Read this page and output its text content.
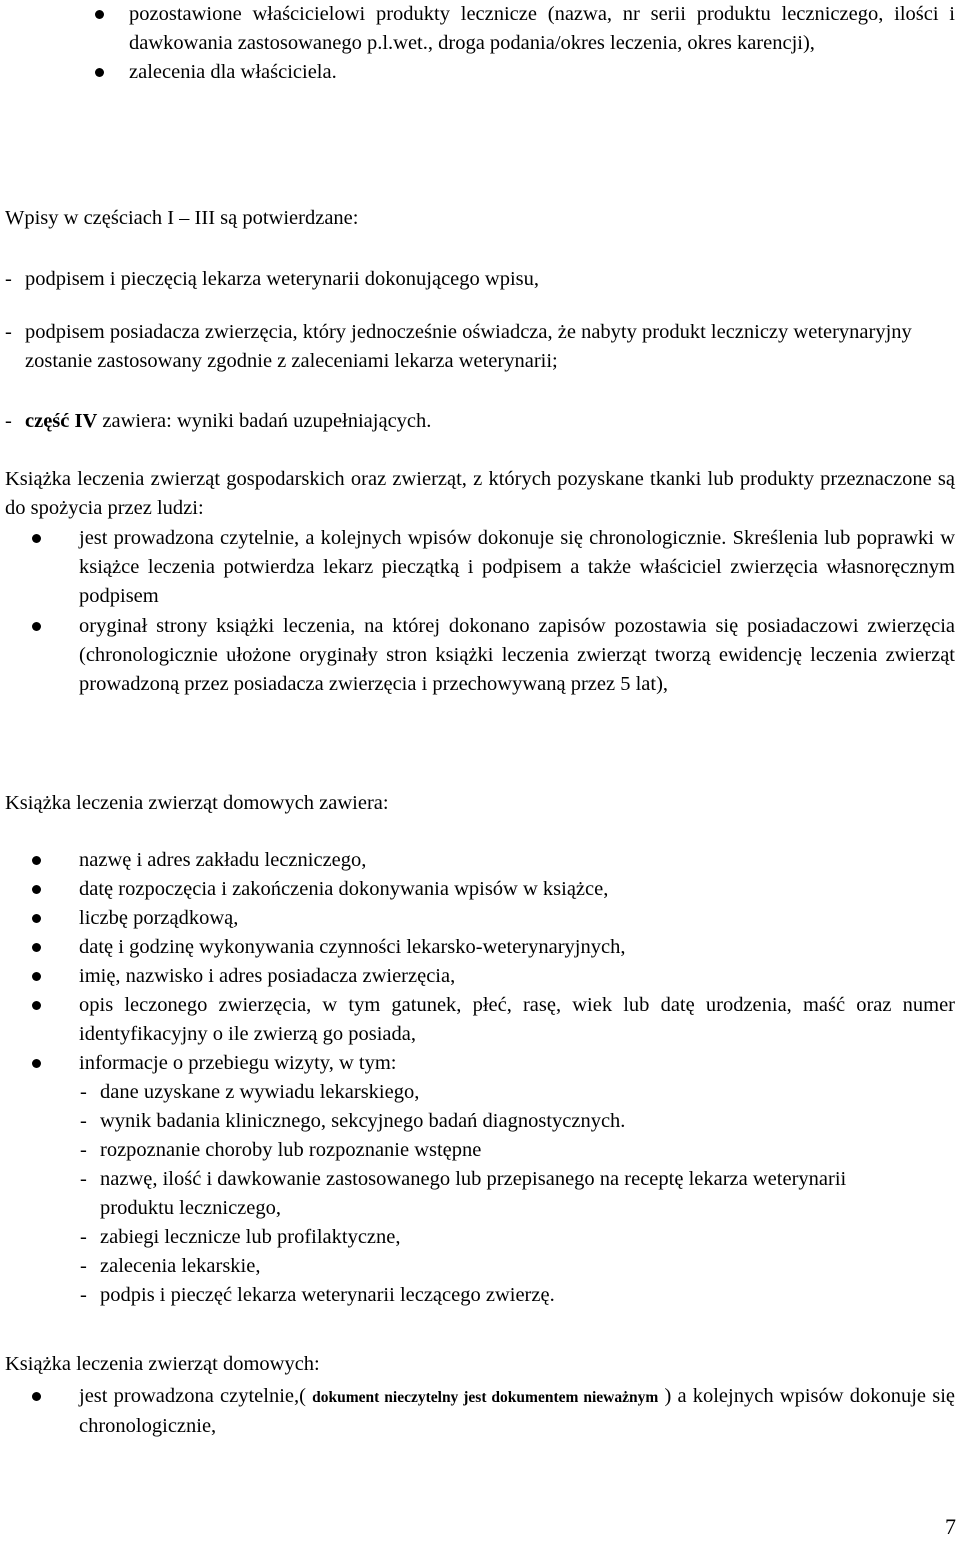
pozostawione właścicielowi produkty lecznicze (nazwa, nr serii produktu leczniczego, ilości i dawkowania zastosowanego p.l.wet., droga podania/okres leczenia, okres karencji),
zalecenia dla właściciela.
Wpisy w częściach I – III są potwierdzane:
- podpisem i pieczęcią lekarza weterynarii dokonującego wpisu,
- podpisem posiadacza zwierzęcia, który jednocześnie oświadcza, że nabyty produkt leczniczy weterynaryjny zostanie zastosowany zgodnie z zaleceniami lekarza weterynarii;
- część IV zawiera: wyniki badań uzupełniających.
Książka leczenia zwierząt gospodarskich oraz zwierząt, z których pozyskane tkanki lub produkty przeznaczone są do spożycia przez ludzi:
jest prowadzona czytelnie, a kolejnych wpisów dokonuje się chronologicznie. Skreślenia lub poprawki w książce leczenia potwierdza lekarz pieczątką i podpisem a także właściciel zwierzęcia własnoręcznym podpisem
oryginał strony książki leczenia, na której dokonano zapisów pozostawia się posiadaczowi zwierzęcia (chronologicznie ułożone oryginały stron książki leczenia zwierząt tworzą ewidencję leczenia zwierząt prowadzoną przez posiadacza zwierzęcia i przechowywaną przez 5 lat),
Książka leczenia zwierząt domowych zawiera:
nazwę i adres zakładu leczniczego,
datę rozpoczęcia i zakończenia dokonywania wpisów w książce,
liczbę porządkową,
datę i godzinę wykonywania czynności lekarsko-weterynaryjnych,
imię, nazwisko i adres posiadacza zwierzęcia,
opis leczonego zwierzęcia, w tym gatunek, płeć, rasę, wiek lub datę urodzenia, maść oraz numer identyfikacyjny o ile zwierzą go posiada,
informacje o przebiegu wizyty, w tym:
- dane uzyskane z wywiadu lekarskiego,
- wynik badania klinicznego, sekcyjnego badań diagnostycznych.
- rozpoznanie choroby lub rozpoznanie wstępne
- nazwę, ilość i dawkowanie zastosowanego lub przepisanego na receptę lekarza weterynarii produktu leczniczego,
- zabiegi lecznicze lub profilaktyczne,
- zalecenia lekarskie,
- podpis i pieczęć lekarza weterynarii leczącego zwierzę.
Książka leczenia zwierząt domowych:
jest prowadzona czytelnie,( dokument nieczytelny jest dokumentem nieważnym ) a kolejnych wpisów dokonuje się chronologicznie,
7
